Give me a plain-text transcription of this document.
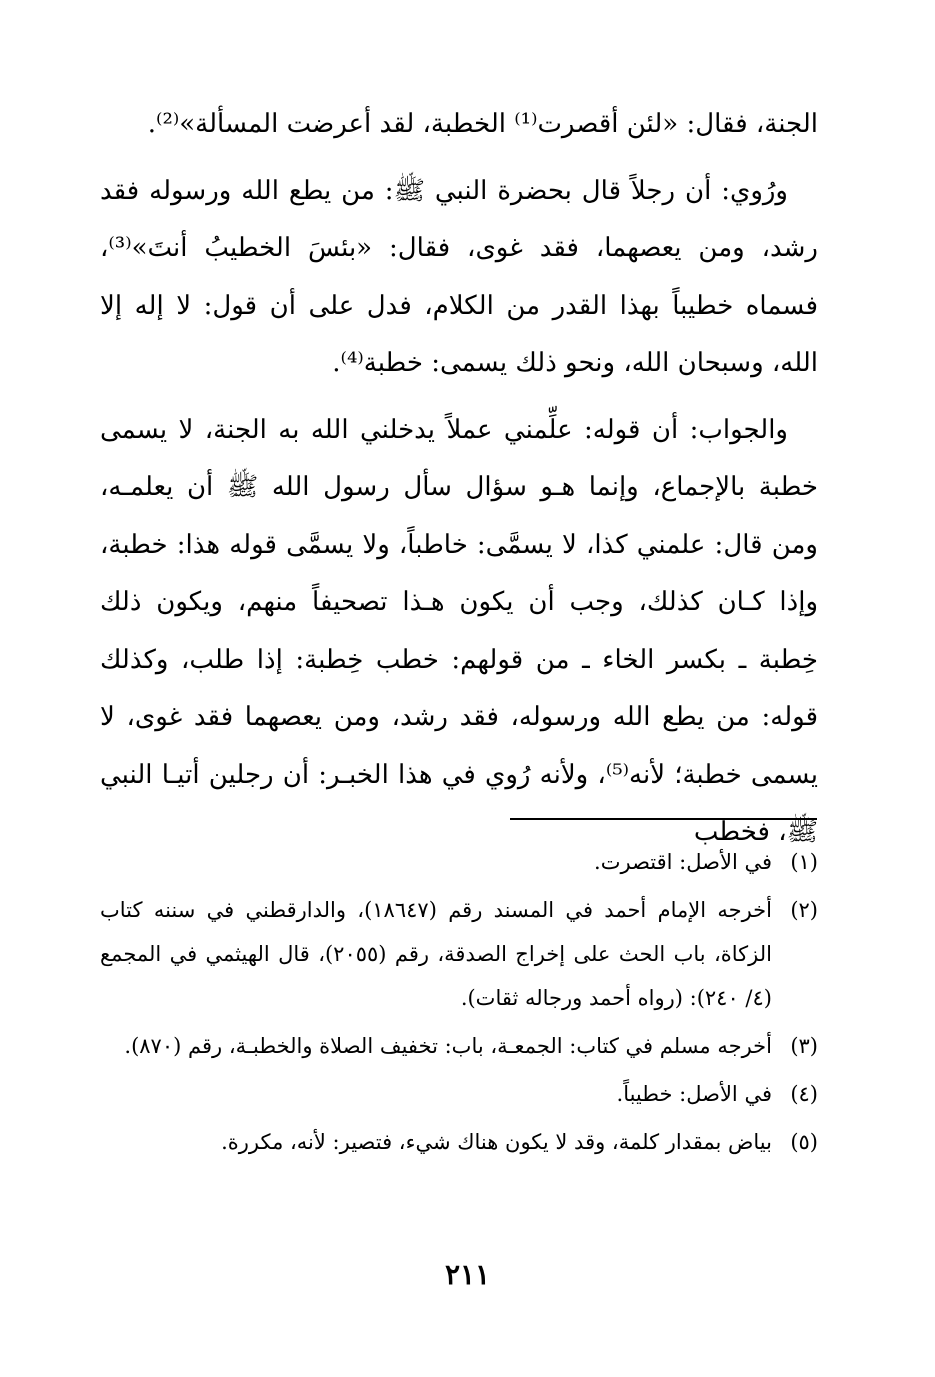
الجنة، فقال: «لئن أقصرت⁽¹⁾ الخطبة، لقد أعرضت المسألة»⁽²⁾.

ورُوي: أن رجلاً قال بحضرة النبي ﷺ: من يطع الله ورسوله فقد رشد، ومن يعصهما، فقد غوى، فقال: «بئسَ الخطيبُ أنتَ»⁽³⁾، فسماه خطيباً بهذا القدر من الكلام، فدل على أن قول: لا إله إلا الله، وسبحان الله، ونحو ذلك يسمى: خطبة⁽⁴⁾.

والجواب: أن قوله: علِّمني عملاً يدخلني الله به الجنة، لا يسمى خطبة بالإجماع، وإنما هـو سؤال سأل رسول الله ﷺ أن يعلمـه، ومن قال: علمني كذا، لا يسمَّى: خاطباً، ولا يسمَّى قوله هذا: خطبة، وإذا كـان كذلك، وجب أن يكون هـذا تصحيفاً منهم، ويكون ذلك خِطبة ـ بكسر الخاء ـ من قولهم: خطب خِطبة: إذا طلب، وكذلك قوله: من يطع الله ورسوله، فقد رشد، ومن يعصهما فقد غوى، لا يسمى خطبة؛ لأنه⁽⁵⁾، ولأنه رُوي في هذا الخبـر: أن رجلين أتيـا النبي ﷺ، فخطب

(١)
في الأصل: اقتصرت.
(٢)
أخرجه الإمام أحمد في المسند رقم (١٨٦٤٧)، والدارقطني في سننه كتاب الزكاة، باب الحث على إخراج الصدقة، رقم (٢٠٥٥)، قال الهيثمي في المجمع (٤/ ٢٤٠): (رواه أحمد ورجاله ثقات).
(٣)
أخرجه مسلم في كتاب: الجمعـة، باب: تخفيف الصلاة والخطبـة، رقم (٨٧٠).
(٤)
في الأصل: خطيباً.
(٥)
بياض بمقدار كلمة، وقد لا يكون هناك شيء، فتصير: لأنه، مكررة.
٢١١
